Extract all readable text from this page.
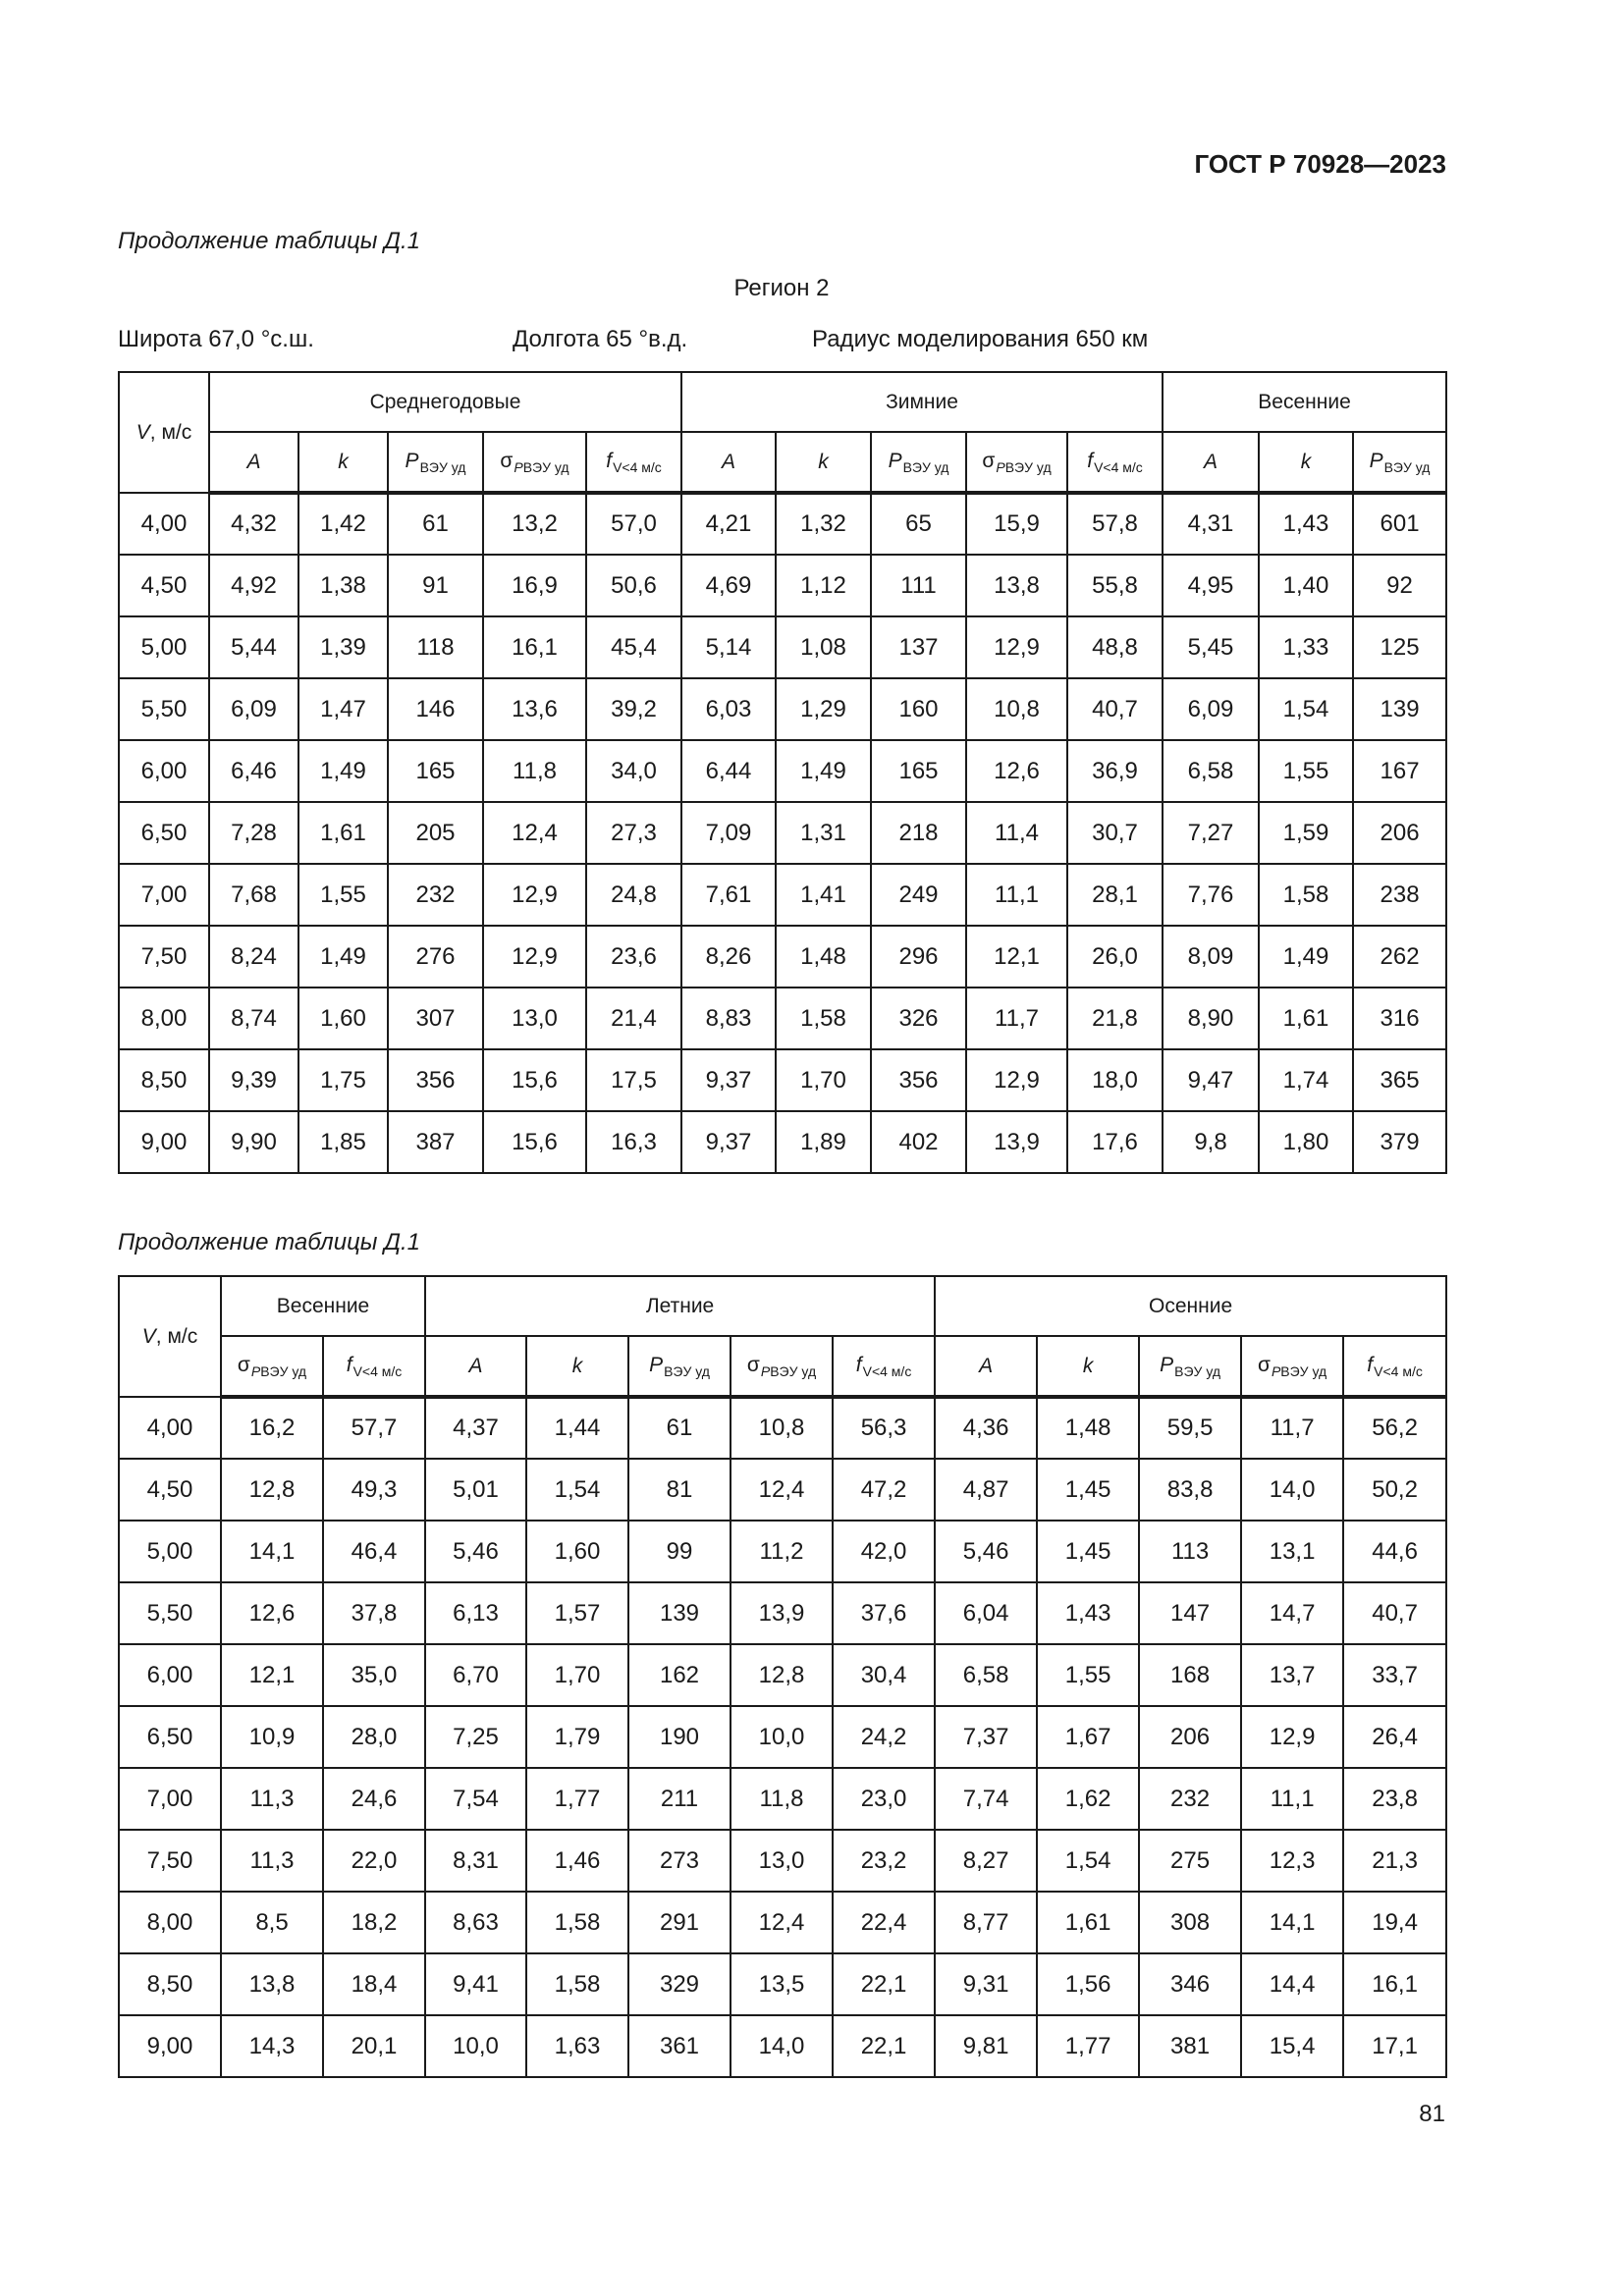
ГОСТ Р 70928—2023
Продолжение таблицы Д.1
Регион 2
Широта 67,0 °с.ш.	Долгота 65 °в.д.	Радиус моделирования 650 км
V, м/с	Среднегодовые					Зимние					Весенние		
	A	k	$P_{ВЭУ уд}$	$\sigma_{PВЭУ уд}$	$f_{V<4 м/с}$	A	k	$P_{ВЭУ уд}$	$\sigma_{PВЭУ уд}$	$f_{V<4 м/с}$	A	k	$P_{ВЭУ уд}$
4,00	4,32	1,42	61	13,2	57,0	4,21	1,32	65	15,9	57,8	4,31	1,43	601
4,50	4,92	1,38	91	16,9	50,6	4,69	1,12	111	13,8	55,8	4,95	1,40	92
5,00	5,44	1,39	118	16,1	45,4	5,14	1,08	137	12,9	48,8	5,45	1,33	125
5,50	6,09	1,47	146	13,6	39,2	6,03	1,29	160	10,8	40,7	6,09	1,54	139
6,00	6,46	1,49	165	11,8	34,0	6,44	1,49	165	12,6	36,9	6,58	1,55	167
6,50	7,28	1,61	205	12,4	27,3	7,09	1,31	218	11,4	30,7	7,27	1,59	206
7,00	7,68	1,55	232	12,9	24,8	7,61	1,41	249	11,1	28,1	7,76	1,58	238
7,50	8,24	1,49	276	12,9	23,6	8,26	1,48	296	12,1	26,0	8,09	1,49	262
8,00	8,74	1,60	307	13,0	21,4	8,83	1,58	326	11,7	21,8	8,90	1,61	316
8,50	9,39	1,75	356	15,6	17,5	9,37	1,70	356	12,9	18,0	9,47	1,74	365
9,00	9,90	1,85	387	15,6	16,3	9,37	1,89	402	13,9	17,6	9,8	1,80	379
Продолжение таблицы Д.1
V, м/с	Весенние		Летние					Осенние				
	$\sigma_{PВЭУ уд}$	$f_{V<4 м/с}$	A	k	$P_{ВЭУ уд}$	$\sigma_{PВЭУ уд}$	$f_{V<4 м/с}$	A	k	$P_{ВЭУ уд}$	$\sigma_{PВЭУ уд}$	$f_{V<4 м/с}$
4,00	16,2	57,7	4,37	1,44	61	10,8	56,3	4,36	1,48	59,5	11,7	56,2
4,50	12,8	49,3	5,01	1,54	81	12,4	47,2	4,87	1,45	83,8	14,0	50,2
5,00	14,1	46,4	5,46	1,60	99	11,2	42,0	5,46	1,45	113	13,1	44,6
5,50	12,6	37,8	6,13	1,57	139	13,9	37,6	6,04	1,43	147	14,7	40,7
6,00	12,1	35,0	6,70	1,70	162	12,8	30,4	6,58	1,55	168	13,7	33,7
6,50	10,9	28,0	7,25	1,79	190	10,0	24,2	7,37	1,67	206	12,9	26,4
7,00	11,3	24,6	7,54	1,77	211	11,8	23,0	7,74	1,62	232	11,1	23,8
7,50	11,3	22,0	8,31	1,46	273	13,0	23,2	8,27	1,54	275	12,3	21,3
8,00	8,5	18,2	8,63	1,58	291	12,4	22,4	8,77	1,61	308	14,1	19,4
8,50	13,8	18,4	9,41	1,58	329	13,5	22,1	9,31	1,56	346	14,4	16,1
9,00	14,3	20,1	10,0	1,63	361	14,0	22,1	9,81	1,77	381	15,4	17,1
81
